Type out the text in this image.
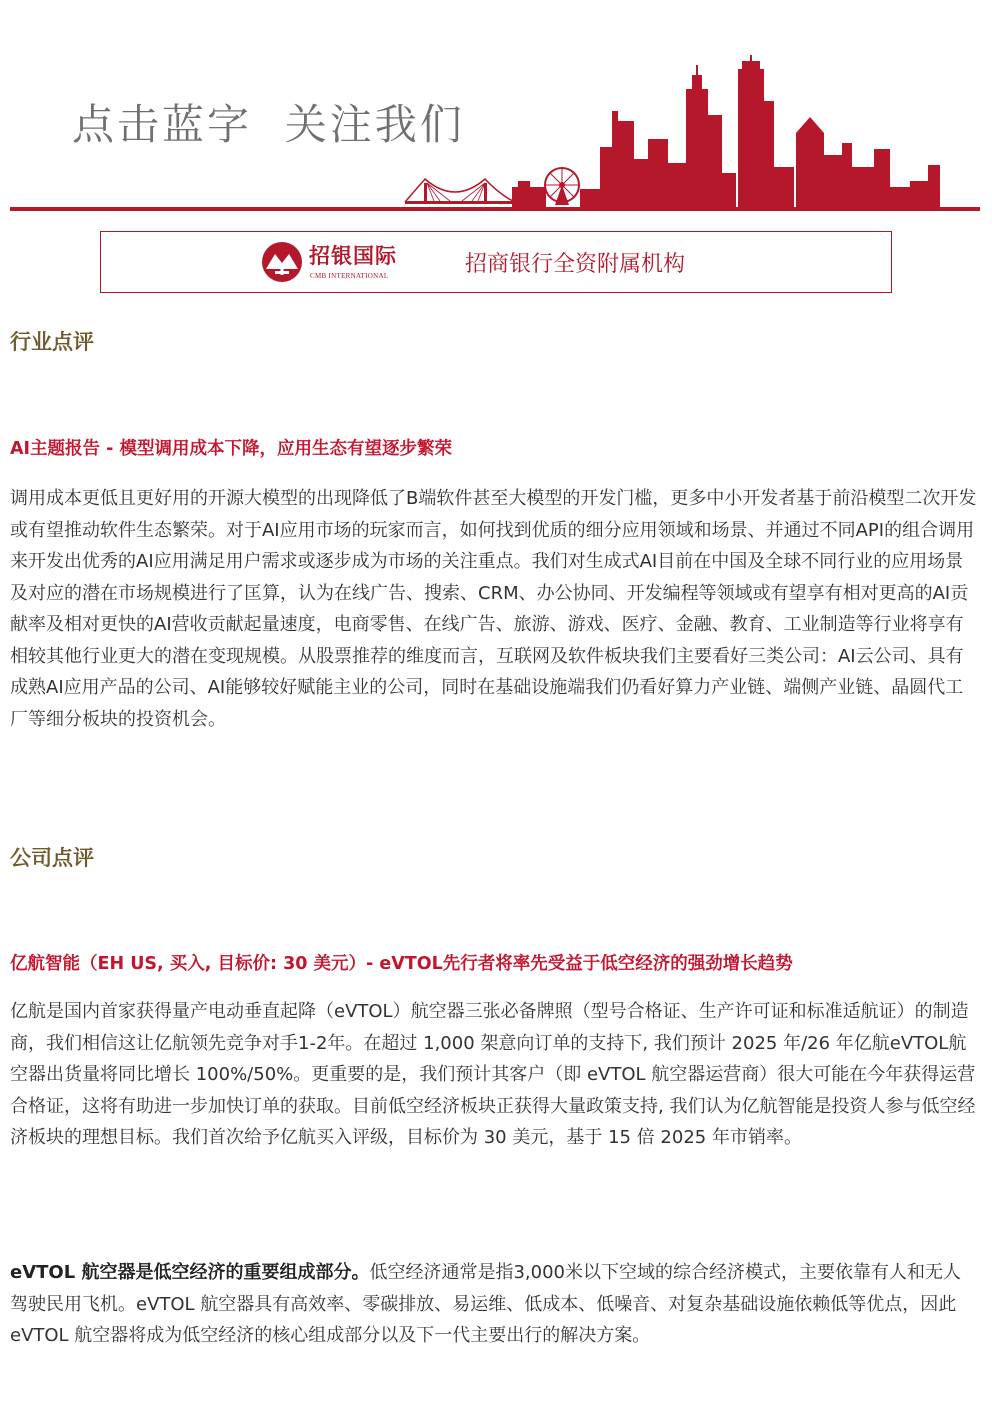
点击蓝字  关注我们
招银国际
CMB INTERNATIONAL	招商银行全资附属机构
行业点评
AI主题报告 - 模型调用成本下降，应用生态有望逐步繁荣
调用成本更低且更好用的开源大模型的出现降低了B端软件甚至大模型的开发门槛，更多中小开发者基于前沿模型二次开发或有望推动软件生态繁荣。对于AI应用市场的玩家而言，如何找到优质的细分应用领域和场景、并通过不同API的组合调用来开发出优秀的AI应用满足用户需求或逐步成为市场的关注重点。我们对生成式AI目前在中国及全球不同行业的应用场景及对应的潜在市场规模进行了匡算，认为在线广告、搜索、CRM、办公协同、开发编程等领域或有望享有相对更高的AI贡献率及相对更快的AI营收贡献起量速度，电商零售、在线广告、旅游、游戏、医疗、金融、教育、工业制造等行业将享有相较其他行业更大的潜在变现规模。从股票推荐的维度而言，互联网及软件板块我们主要看好三类公司：AI云公司、具有成熟AI应用产品的公司、AI能够较好赋能主业的公司，同时在基础设施端我们仍看好算力产业链、端侧产业链、晶圆代工厂等细分板块的投资机会。
公司点评
亿航智能（EH US, 买入, 目标价: 30 美元）- eVTOL先行者将率先受益于低空经济的强劲增长趋势
亿航是国内首家获得量产电动垂直起降（eVTOL）航空器三张必备牌照（型号合格证、生产许可证和标准适航证）的制造商，我们相信这让亿航领先竞争对手1-2年。在超过 1,000 架意向订单的支持下, 我们预计 2025 年/26 年亿航eVTOL航空器出货量将同比增长 100%/50%。更重要的是，我们预计其客户（即 eVTOL 航空器运营商）很大可能在今年获得运营合格证，这将有助进一步加快订单的获取。目前低空经济板块正获得大量政策支持, 我们认为亿航智能是投资人参与低空经济板块的理想目标。我们首次给予亿航买入评级，目标价为 30 美元，基于 15 倍 2025 年市销率。
eVTOL 航空器是低空经济的重要组成部分。低空经济通常是指3,000米以下空域的综合经济模式，主要依靠有人和无人驾驶民用飞机。eVTOL 航空器具有高效率、零碳排放、易运维、低成本、低噪音、对复杂基础设施依赖低等优点，因此eVTOL 航空器将成为低空经济的核心组成部分以及下一代主要出行的解决方案。
